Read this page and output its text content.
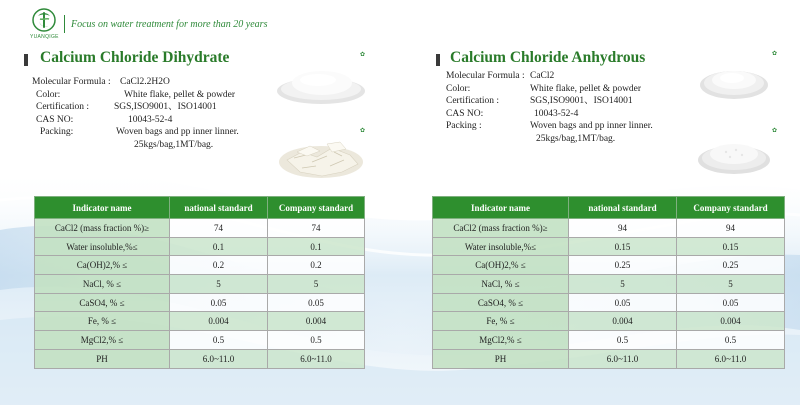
YUANQIGE
Focus on water treatment for more than 20 years
Calcium Chloride Dihydrate
Molecular Formula : CaCl2.2H2O
Color:	White flake, pellet & powder
Certification :	SGS,ISO9001、ISO14001
CAS NO:	10043-52-4
Packing:	Woven bags and pp inner linner.
25kgs/bag,1MT/bag.
✿
✿
Indicator name	national standard	Company standard
CaCl2 (mass fraction %)≥	74	74
Water insoluble,%≤	0.1	0.1
Ca(OH)2,% ≤	0.2	0.2
NaCl, % ≤	5	5
CaSO4, % ≤	0.05	0.05
Fe, % ≤	0.004	0.004
MgCl2,% ≤	0.5	0.5
PH	6.0~11.0	6.0~11.0
Calcium Chloride Anhydrous
Molecular Formula : CaCl2
Color:	White flake, pellet & powder
Certification :	SGS,ISO9001、ISO14001
CAS NO:	10043-52-4
Packing :	Woven bags and pp inner linner.
25kgs/bag,1MT/bag.
✿
✿
Indicator name	national standard	Company standard
CaCl2 (mass fraction %)≥	94	94
Water insoluble,%≤	0.15	0.15
Ca(OH)2,% ≤	0.25	0.25
NaCl, % ≤	5	5
CaSO4, % ≤	0.05	0.05
Fe, % ≤	0.004	0.004
MgCl2,% ≤	0.5	0.5
PH	6.0~11.0	6.0~11.0
